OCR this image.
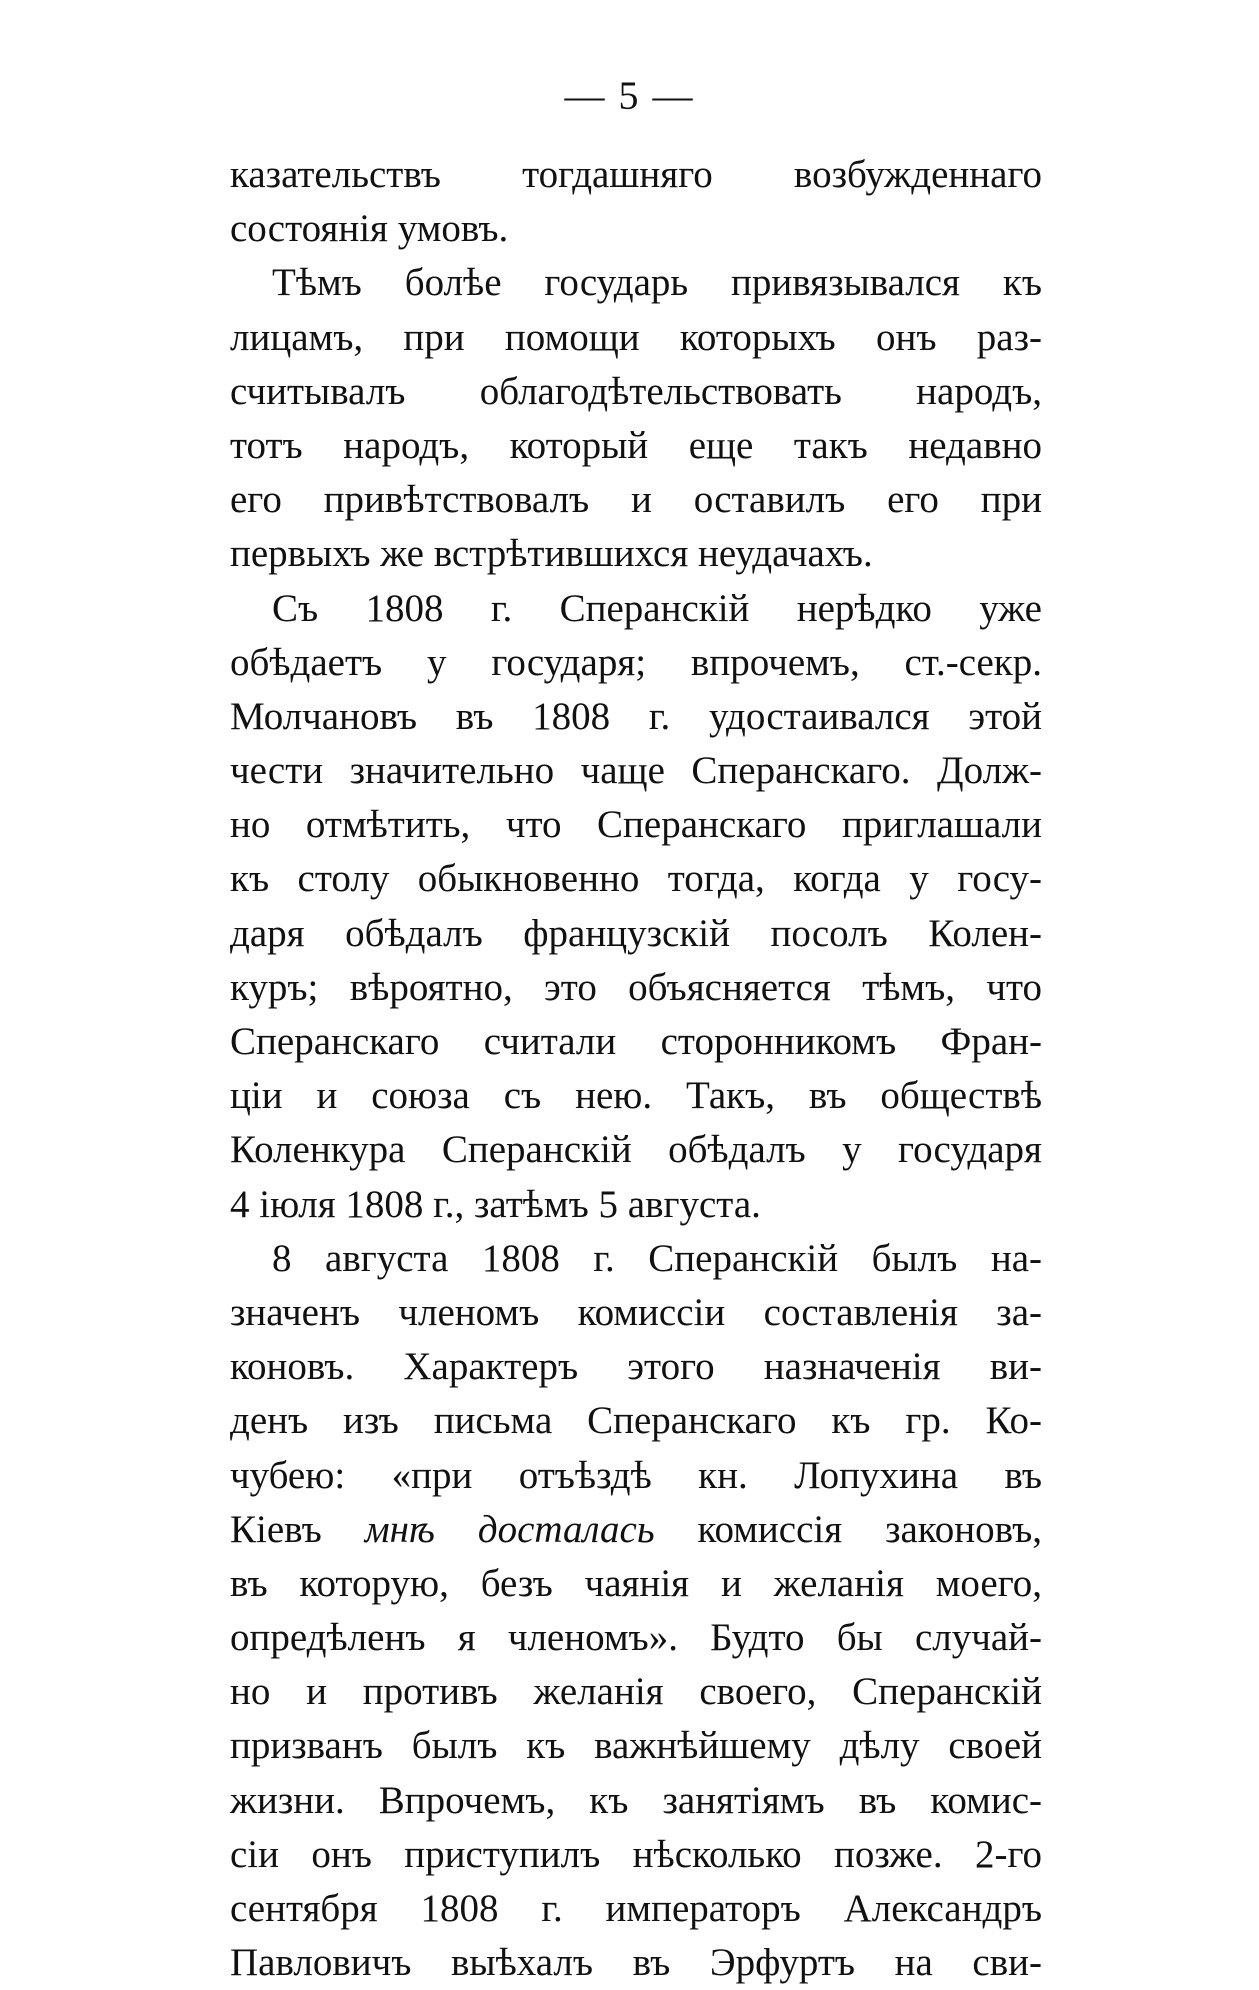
— 5 —
казательствъ тогдашняго возбужденнаго
состоянія умовъ.
Тѣмъ болѣе государь привязывался къ
лицамъ, при помощи которыхъ онъ раз-
считывалъ облагодѣтельствовать народъ,
тотъ народъ, который еще такъ недавно
его привѣтствовалъ и оставилъ его при
первыхъ же встрѣтившихся неудачахъ.
Съ 1808 г. Сперанскій нерѣдко уже
обѣдаетъ у государя; впрочемъ, ст.-секр.
Молчановъ въ 1808 г. удостаивался этой
чести значительно чаще Сперанскаго. Долж-
но отмѣтить, что Сперанскаго приглашали
къ столу обыкновенно тогда, когда у госу-
даря обѣдалъ французскій посолъ Колен-
куръ; вѣроятно, это объясняется тѣмъ, что
Сперанскаго считали сторонникомъ Фран-
ціи и союза съ нею. Такъ, въ обществѣ
Коленкура Сперанскій обѣдалъ у государя
4 іюля 1808 г., затѣмъ 5 августа.
8 августа 1808 г. Сперанскій былъ на-
значенъ членомъ комиссіи составленія за-
коновъ. Характеръ этого назначенія ви-
денъ изъ письма Сперанскаго къ гр. Ко-
чубею: «при отъѣздѣ кн. Лопухина въ
Кіевъ мнѣ досталась комиссія законовъ,
въ которую, безъ чаянія и желанія моего,
опредѣленъ я членомъ». Будто бы случай-
но и противъ желанія своего, Сперанскій
призванъ былъ къ важнѣйшему дѣлу своей
жизни. Впрочемъ, къ занятіямъ въ комис-
сіи онъ приступилъ нѣсколько позже. 2-го
сентября 1808 г. императоръ Александръ
Павловичъ выѣхалъ въ Эрфуртъ на сви-
